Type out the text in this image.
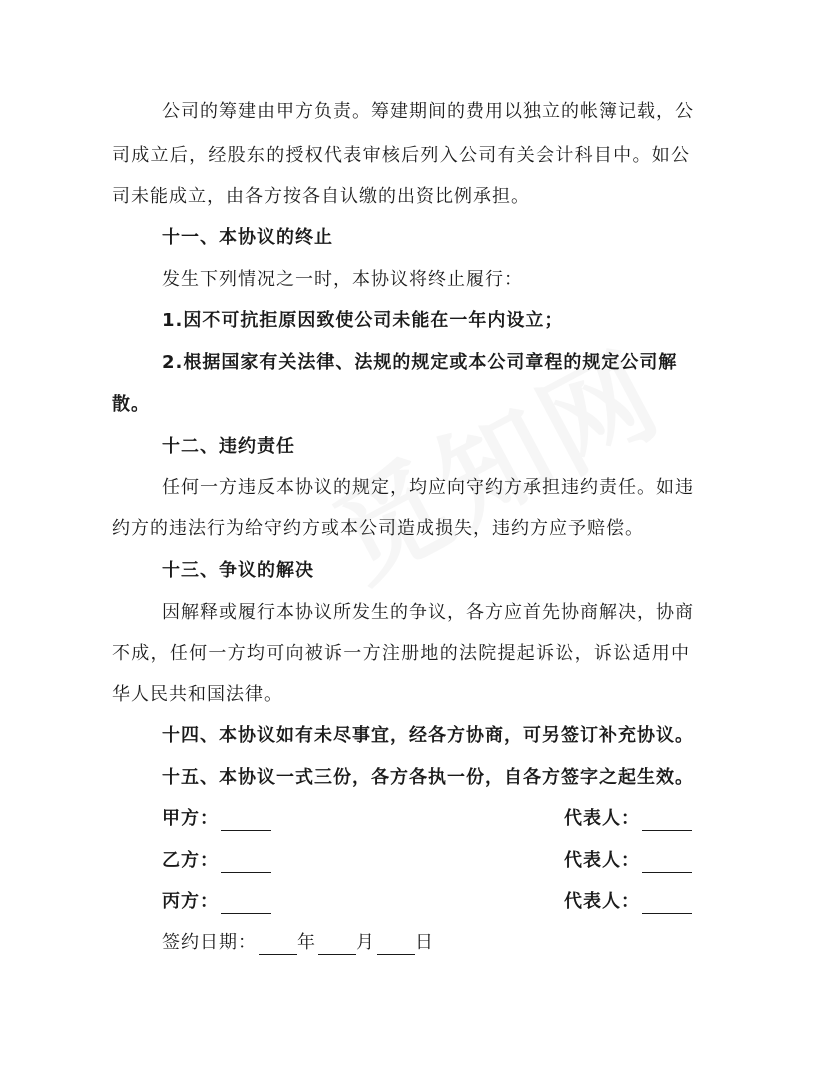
公司的筹建由甲方负责。筹建期间的费用以独立的帐簿记载，公
司成立后，经股东的授权代表审核后列入公司有关会计科目中。如公
司未能成立，由各方按各自认缴的出资比例承担。
十一、本协议的终止
发生下列情况之一时，本协议将终止履行：
1.因不可抗拒原因致使公司未能在一年内设立；
2.根据国家有关法律、法规的规定或本公司章程的规定公司解
散。
十二、违约责任
任何一方违反本协议的规定，均应向守约方承担违约责任。如违
约方的违法行为给守约方或本公司造成损失，违约方应予赔偿。
十三、争议的解决
因解释或履行本协议所发生的争议，各方应首先协商解决，协商
不成，任何一方均可向被诉一方注册地的法院提起诉讼，诉讼适用中
华人民共和国法律。
十四、本协议如有未尽事宜，经各方协商，可另签订补充协议。
十五、本协议一式三份，各方各执一份，自各方签字之起生效。
甲方：	代表人：
乙方：	代表人：
丙方：	代表人：
签约日期： 年 月 日
